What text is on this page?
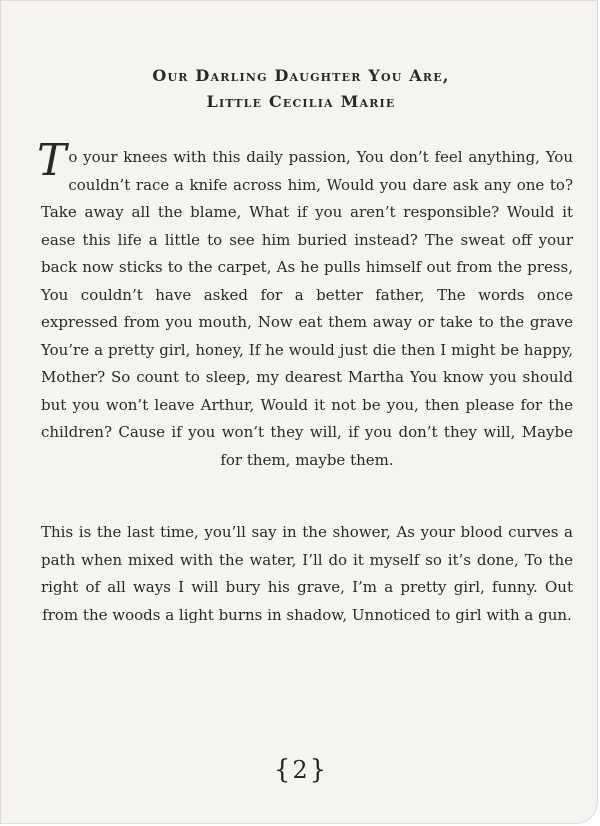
Our Darling Daughter You Are,
Little Cecilia Marie

To your knees with this daily passion, You don’t feel anything, You couldn’t race a knife across him, Would you dare ask any one to? Take away all the blame, What if you aren’t responsible? Would it ease this life a little to see him buried instead? The sweat off your back now sticks to the carpet, As he pulls himself out from the press, You couldn’t have asked for a better father, The words once expressed from you mouth, Now eat them away or take to the grave You’re a pretty girl, honey, If he would just die then I might be happy, Mother? So count to sleep, my dearest Martha You know you should but you won’t leave Arthur, Would it not be you, then please for the children? Cause if you won’t they will, if you don’t they will, Maybe for them, maybe them.

This is the last time, you’ll say in the shower, As your blood curves a path when mixed with the water, I’ll do it myself so it’s done, To the right of all ways I will bury his grave, I’m a pretty girl, funny. Out from the woods a light burns in shadow, Unnoticed to girl with a gun.

{2}
